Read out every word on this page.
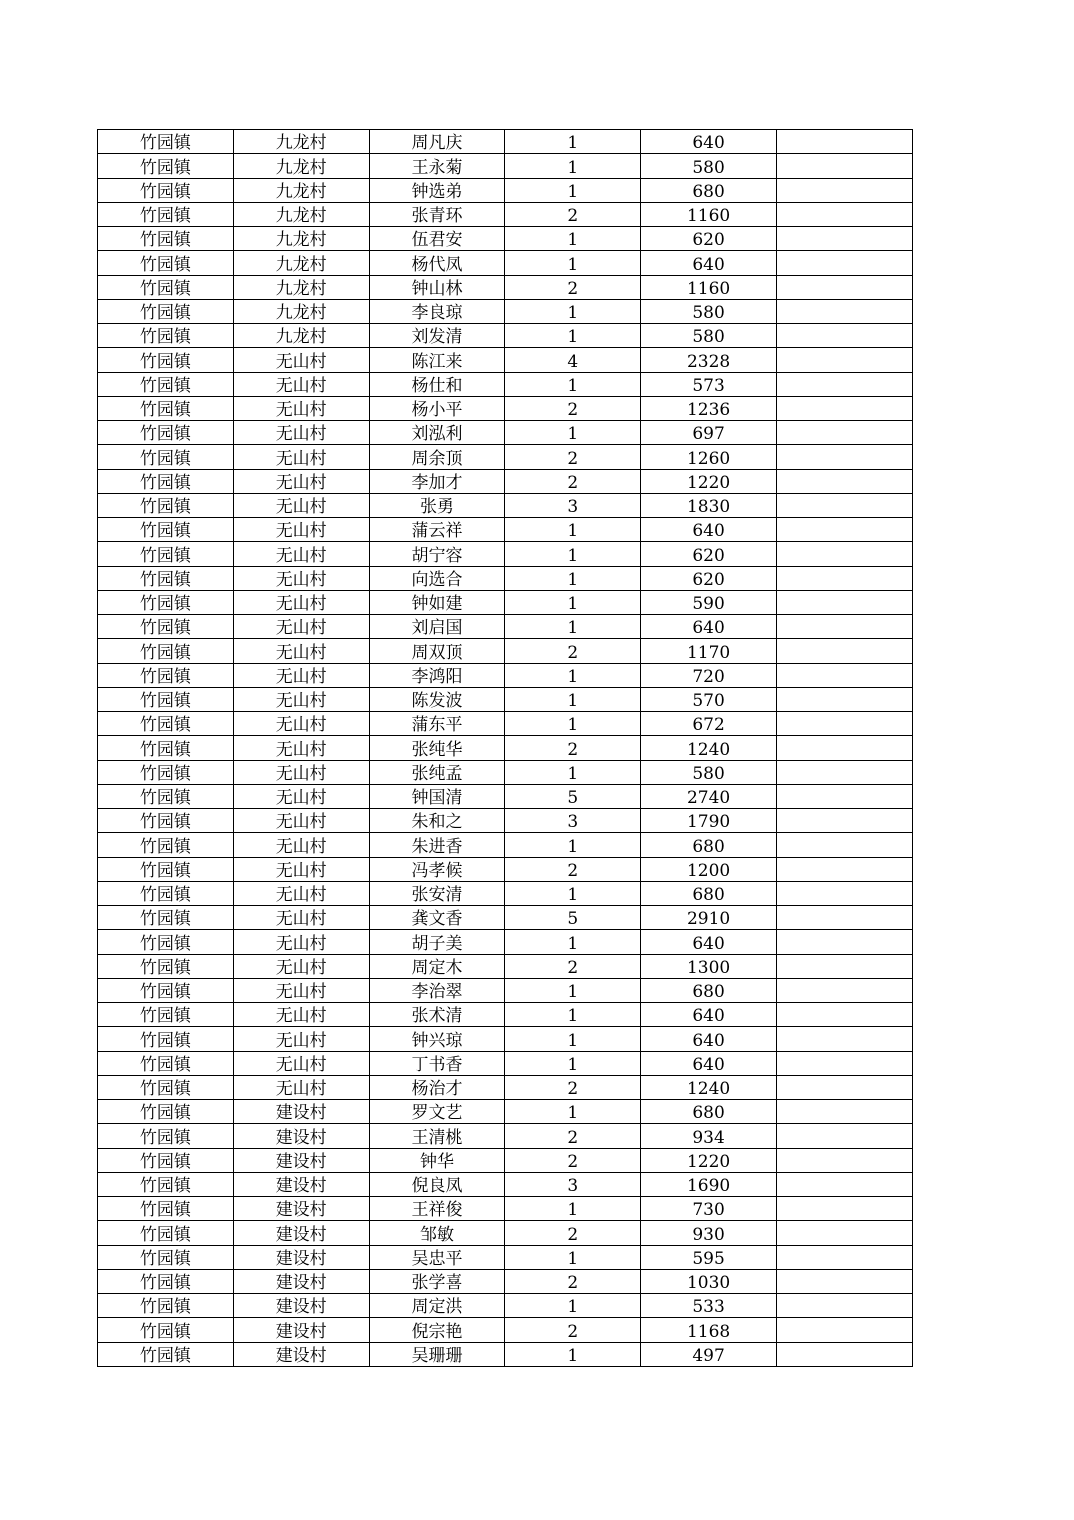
竹园镇	九龙村	周凡庆	1	640	
竹园镇	九龙村	王永菊	1	580	
竹园镇	九龙村	钟选弟	1	680	
竹园镇	九龙村	张青环	2	1160	
竹园镇	九龙村	伍君安	1	620	
竹园镇	九龙村	杨代凤	1	640	
竹园镇	九龙村	钟山林	2	1160	
竹园镇	九龙村	李良琼	1	580	
竹园镇	九龙村	刘发清	1	580	
竹园镇	无山村	陈江来	4	2328	
竹园镇	无山村	杨仕和	1	573	
竹园镇	无山村	杨小平	2	1236	
竹园镇	无山村	刘泓利	1	697	
竹园镇	无山村	周余顶	2	1260	
竹园镇	无山村	李加才	2	1220	
竹园镇	无山村	张勇	3	1830	
竹园镇	无山村	蒲云祥	1	640	
竹园镇	无山村	胡宁容	1	620	
竹园镇	无山村	向选合	1	620	
竹园镇	无山村	钟如建	1	590	
竹园镇	无山村	刘启国	1	640	
竹园镇	无山村	周双顶	2	1170	
竹园镇	无山村	李鸿阳	1	720	
竹园镇	无山村	陈发波	1	570	
竹园镇	无山村	蒲东平	1	672	
竹园镇	无山村	张纯华	2	1240	
竹园镇	无山村	张纯孟	1	580	
竹园镇	无山村	钟国清	5	2740	
竹园镇	无山村	朱和之	3	1790	
竹园镇	无山村	朱进香	1	680	
竹园镇	无山村	冯孝候	2	1200	
竹园镇	无山村	张安清	1	680	
竹园镇	无山村	龚文香	5	2910	
竹园镇	无山村	胡子美	1	640	
竹园镇	无山村	周定木	2	1300	
竹园镇	无山村	李治翠	1	680	
竹园镇	无山村	张术清	1	640	
竹园镇	无山村	钟兴琼	1	640	
竹园镇	无山村	丁书香	1	640	
竹园镇	无山村	杨治才	2	1240	
竹园镇	建设村	罗文艺	1	680	
竹园镇	建设村	王清桃	2	934	
竹园镇	建设村	钟华	2	1220	
竹园镇	建设村	倪良凤	3	1690	
竹园镇	建设村	王祥俊	1	730	
竹园镇	建设村	邹敏	2	930	
竹园镇	建设村	吴忠平	1	595	
竹园镇	建设村	张学喜	2	1030	
竹园镇	建设村	周定洪	1	533	
竹园镇	建设村	倪宗艳	2	1168	
竹园镇	建设村	吴珊珊	1	497	
